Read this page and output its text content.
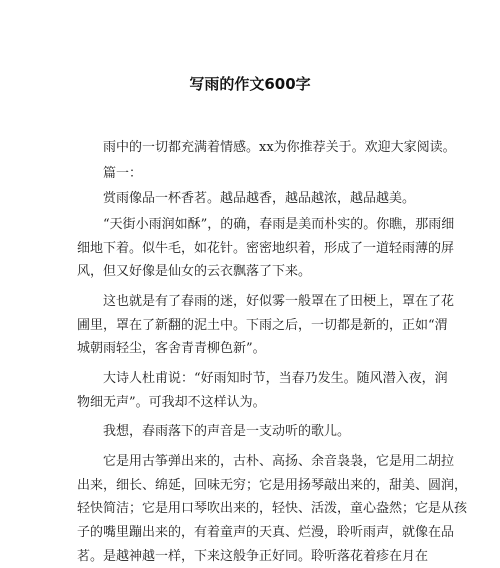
写雨的作文600字

雨中的一切都充满着情感。xx为你推荐关于。欢迎大家阅读。

篇一：

赏雨像品一杯香茗。越品越香，越品越浓，越品越美。

“天街小雨润如酥”，的确，春雨是美而朴实的。你瞧，那雨细
细地下着。似牛毛，如花针。密密地织着，形成了一道轻雨薄的屏
风，但又好像是仙女的云衣飘落了下来。

这也就是有了春雨的迷，好似雾一般罩在了田梗上，罩在了花
圃里，罩在了新翻的泥土中。下雨之后，一切都是新的，正如“渭
城朝雨轻尘，客舍青青柳色新”。

大诗人杜甫说：“好雨知时节，当春乃发生。随风潜入夜，润
物细无声”。可我却不这样认为。

我想，春雨落下的声音是一支动听的歌儿。

它是用古筝弹出来的，古朴、高扬、余音袅袅，它是用二胡拉
出来，细长、绵延，回味无穷；它是用扬琴敲出来的，甜美、圆润，
轻快简洁；它是用口琴吹出来的，轻快、活泼，童心盎然；它是从孩
子的嘴里蹦出来的，有着童声的天真、烂漫，聆听雨声，就像在品
茗。是越神越一样，下来这般争正好同。聆听落花着疹在月在
